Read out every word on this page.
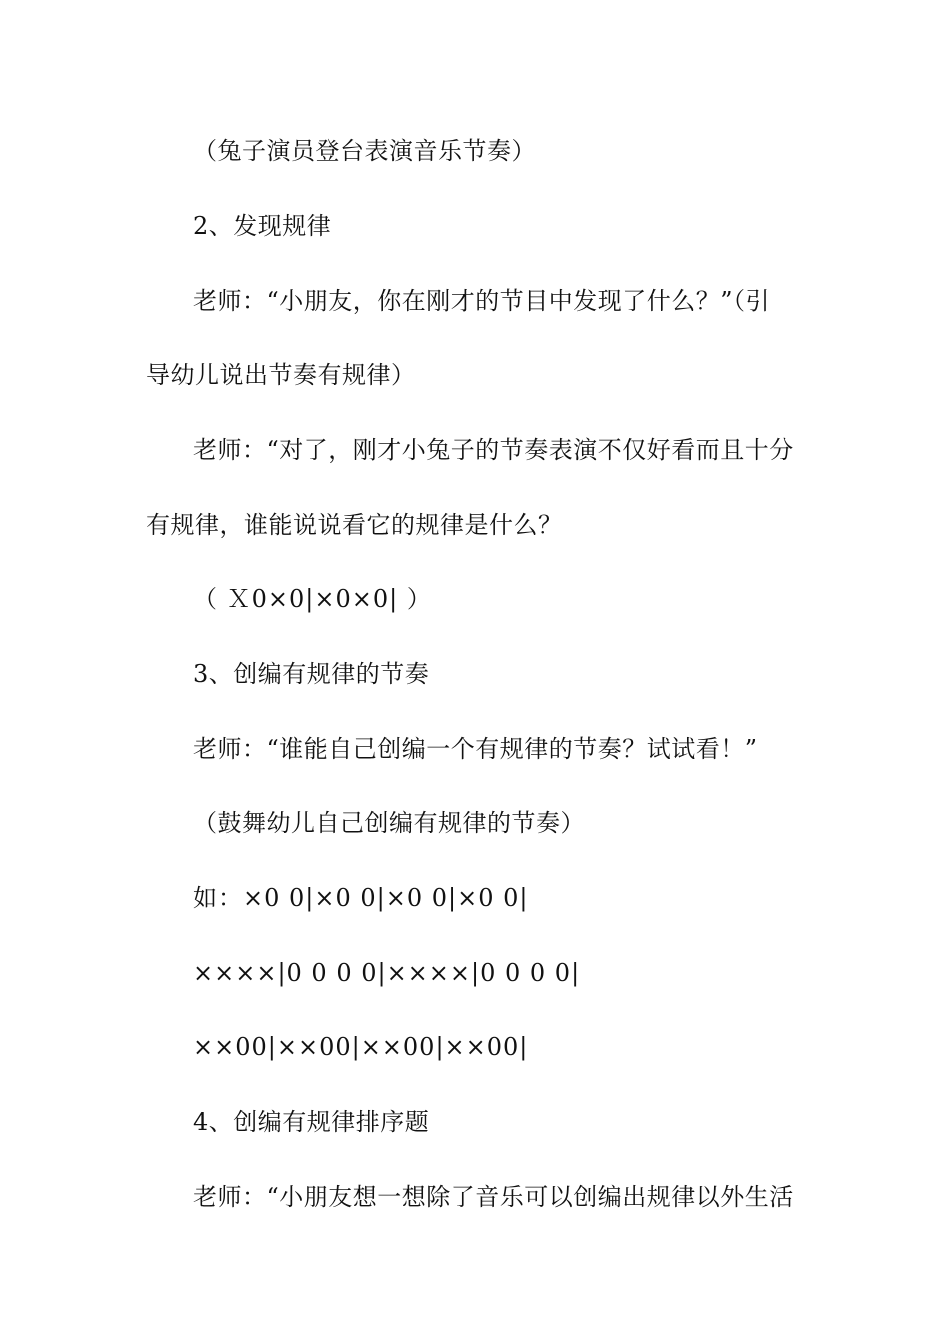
（兔子演员登台表演音乐节奏）
2、发现规律
老师：“小朋友，你在刚才的节目中发现了什么？”（引
导幼儿说出节奏有规律）
老师：“对了，刚才小兔子的节奏表演不仅好看而且十分
有规律，谁能说说看它的规律是什么？
（ Ｘ0×0|×0×0| ）
3、创编有规律的节奏
老师：“谁能自己创编一个有规律的节奏？试试看！”
（鼓舞幼儿自己创编有规律的节奏）
如：×0 0|×0 0|×0 0|×0 0|
××××|0 0 0 0|××××|0 0 0 0|
××00|××00|××00|××00|
4、创编有规律排序题
老师：“小朋友想一想除了音乐可以创编出规律以外生活
